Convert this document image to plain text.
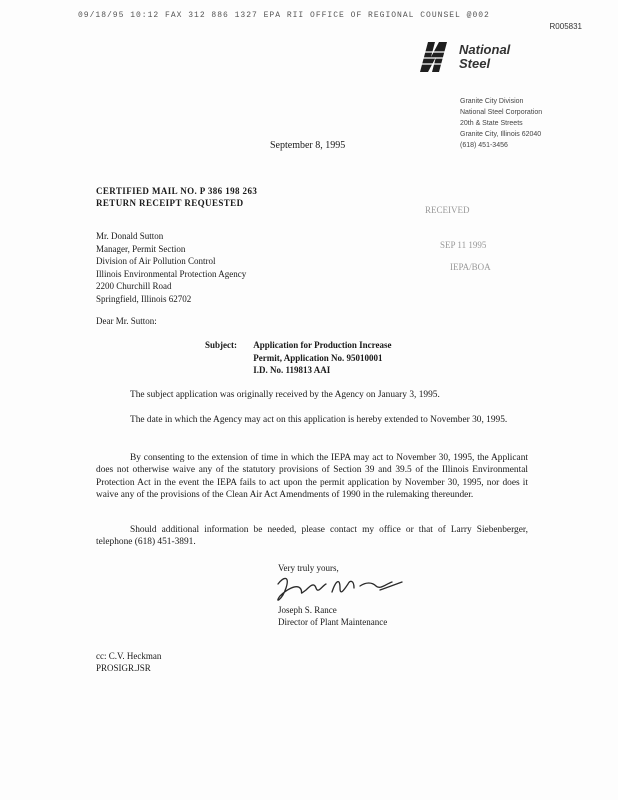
09/18/95 10:12 FAX 312 886 1327 EPA RII OFFICE OF REGIONAL COUNSEL @002
R005831
National
Steel
Granite City Division
National Steel Corporation
20th & State Streets
Granite City, Illinois 62040
(618) 451-3456
September 8, 1995
CERTIFIED MAIL NO. P 386 198 263
RETURN RECEIPT REQUESTED
RECEIVED
SEP 11 1995
IEPA/BOA
Mr. Donald Sutton
Manager, Permit Section
Division of Air Pollution Control
Illinois Environmental Protection Agency
2200 Churchill Road
Springfield, Illinois 62702
Dear Mr. Sutton:
Subject: Application for Production Increase
Permit, Application No. 95010001
I.D. No. 119813 AAI
The subject application was originally received by the Agency on January 3, 1995.
The date in which the Agency may act on this application is hereby extended to November 30, 1995.
By consenting to the extension of time in which the IEPA may act to November 30, 1995, the Applicant does not otherwise waive any of the statutory provisions of Section 39 and 39.5 of the Illinois Environmental Protection Act in the event the IEPA fails to act upon the permit application by November 30, 1995, nor does it waive any of the provisions of the Clean Air Act Amendments of 1990 in the rulemaking thereunder.
Should additional information be needed, please contact my office or that of Larry Siebenberger, telephone (618) 451-3891.
Very truly yours,
Joseph S. Rance
Director of Plant Maintenance
cc: C.V. Heckman
PROSIGR.JSR
